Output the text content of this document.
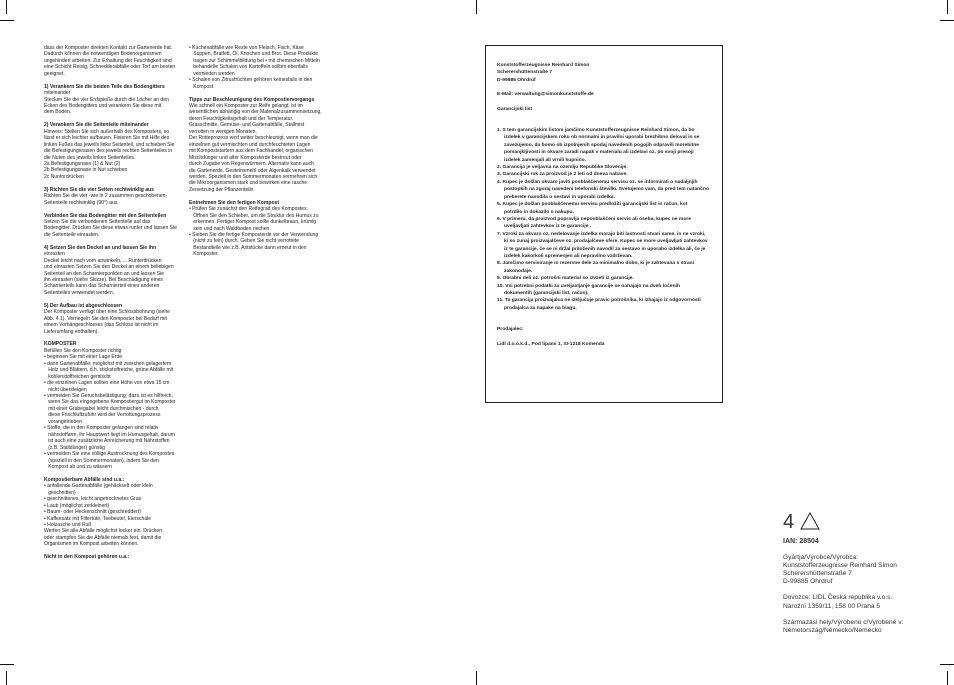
dass der Komposter direkten Kontakt zur Gartenerde hat.
Dadurch können die notwendigen Bodenorganismen
ungehindert arbeiten. Zur Erhaltung der Feuchtigkeit sind
eine Schicht Reisig, Schnedderabfälle oder Torf am besten
geeignet.
1) Verankern Sie die beiden Teile des Bodengitters
miteinander
Stecken Sie die vier Erdspieße durch die Löcher an den
Ecken des Bodengitters und verankern Sie diese mit
dem Boden.
2) Verankern Sie die Seitenteile miteinander
Hinweis: Stellen Sie sich außerhalb des Komposters, so
lässt er sich leichter aufbauen. Fixieren Sie mit Hilfe des
linken Fußes das jeweils linke Seitenteil, und schieben Sie
die Befestigungsnasen des jeweils rechten Seitenteiles in
die Nuten des jeweils linken Seitenteiles.
2a Befestigungsnase (1) & Nut (2)
2b Befestigungsnase in Nut schieben
2c Nuntordrücken
3) Richten Sie die vier Seiten rechtwinklig aus
Richten Sie die vier -wie in 2 zusammen geschobenen-
Seitenteile rechtwinklig (90°) aus.
Verbinden Sie das Bodengitter mit den Seitenteilen
Setzen Sie die verbundenen Seitenteile auf das
Bodengitter. Drücken Sie diese etwas runter und lassen Sie
die Seitenteile einrasten.
4) Setzen Sie den Deckel an und lassen Sie ihn
einrasten
Deckel leicht nach vorn anwinkeln, ... Runterdrücken
und einrasten Setzen Sie den Deckel an einem beliebigen
Seitenteil an den Scharnierpunkten an und lassen Sie
ihn einrasten (siehe Skizze). Bei Beschädigung eines
Scharnierteils kann das Scharnierteil eines anderen
Seitenteiles verwendet werden.
5) Der Aufbau ist abgeschlossen
Der Komposter verfügt über eine Schlossbohrung (siehe
Abb. 4.1). Verriegeln Sie den Komposter bei Bedarf mit
einem Vorhängeschlosses (das Schloss ist nicht im
Lieferumfang enthalten).
KOMPOSTER
Befüllen Sie den Komposter richtig
• beginnen Sie mit einer Lage Erde
• dann Gartenabfälle; möglichst mit zwischen gelagertem
Holz und Blättern, d.h. stickstoffreiche, grüne Abfälle mit
kohlenstoffreichen gemischt
• die einzelnen Lagen sollten eine Höhe von etwa 15 cm
nicht übersteigen
• vermeiden Sie Geruchsbelästigung; dazu ist es hilfreich,
wenn Sie das eingegebene Kompostiergut im Komposter
mit einer Grabegabel leicht durchmischen - durch
diese Frischluftzufuhr wird der Verrottungsprozess
vorangetrieben
• Stoffe, die in den Komposter gelangen sind relativ
nährstoffarm, ihr Hauptwert liegt im Humusgehalt, darum
ist auch eine zusätzliche Anreicherung mit Nährstoffen
(z.B. Stalldünger) günstig
• vermeiden Sie eine völlige Austrocknung des Kompostes
(speziell in den Sommermonaten), indem Sie den
Kompost ab und zu wässern
Kompostierbare Abfälle sind u.a.:
• anfallende Gartenabfälle (gehäckselt oder klein
geschnitten)
• geschnittenes, leicht angetrocknetes Gras
• Laub (möglichst zerkleinert)
• Baum- oder Heckenschnitt (geschreddert)
• Kaffeesatz mit Filtertüte, Teebeutel, Eierschale
• Holzasche und Ruß
Werfen Sie alle Abfälle möglichst locker ein. Drücken
oder stampfen Sie die Abfälle niemals fest, damit die
Organismen im Kompost arbeiten können.
Nicht in den Kompost gehören u.a.:
• Küchenabfälle wie Reste von Fleisch, Fisch, Käse
Suppen, Bratfett, Öl, Knochen und Brot. Diese Produkte
tragen zur Schimmelbildung bei • mit chemischen Mitteln
behandelte Schalen von Kartoffeln sollten ebenfalls
vermieden werden
• Schalen von Zitrusfrüchten gehören keinesfalls in den
Kompost
Tipps zur Beschleunigung des Kompostiervorgangs
Wie schnell ein Komposter zur Reife gelangt, ist im
wesentlichen abhängig von der Materialzusammensetzung,
deren Feuchtigkeitsgehalt und der Temperatur.
Grasschnitte, Gemüse- und Gartenabfälle, Stallmist
verrotten in wenigen Monaten.
Der Rotteprozess wird weiter beschleunigt, wenn man die
einzelnen gut vermischten und durchfeuchteten Lagen
mit Kompoststartern aus dem Fachhandel, organischen
Mischdünger und alter Komposterde bestreut oder
durch Zugabe von Regenwürmern. Alternativ kann auch
die Gartenerde, Gesteinsmehl oder Algenkalk verwendet
werden. Speziell in den Sommermonaten vermehren sich
die Mikroorganismen stark und bewirken eine rasche
Zersetzung der Pflanzenteile.
Entnehmen Sie den fertigen Kompost
• Prüfen Sie zunächst den Reifegrad des Kompostes.
Öffnen Sie den Schieber, um die Struktur des Humus zu
erkennen. Fertiger Kompost sollte dunkelbraun, krümig
sein und nach Waldboden riechen.
• Sieben Sie die fertige Komposterde vor der Verwendung
(nicht zu fein) durch. Geben Sie nicht verrottete
Bestandteile wie z.B. Aststücke dann erneut in den
Komposter.
Kunststofferzeugnisse Reinhard Simon
Scherershüttenstraße 7
D-99885 Ohrdruf
E-Mail: verwaltung@simonkunststoffe.de
Garancijski list
1. S tem garancijskim listom jamčimo Kunststofferzeugnisse Reinhard Simon, da bo
izdelek v garancijskem roku ob normalni in pravilni uporabi brezhibno deloval in se
zavezujemo, da bomo ob izpolnjenih spodaj navedenih pogojih odpravili morebitne
pomanjkljivosti in okvare zaradi napak v materialu ali izdelavi oz. po svoji presoji
izdelek zamenjali ali vrnili kupnino.
2. Garancija je veljavna na ozemlju Republike Slovenije.
3. Garancijski rok za proizvod je 2 leti od dneva nabave.
4. Kupec je dolžan okvaro javiti pooblaščenemu servisu oz. se informirati o nadaljnjih
postopkih na zgoraj navedeni telefonski številki. Svetujemo vam, da pred tem natančno
preberete navodila o sestavi in uporabi izdelka.
5. Kupec je dolžan pooblaščenemu servisu predložiti garancijski list in račun, kot
potrdilo in dokazilo o nakupu.
6. V primeru, da proizvod popravlja nepooblaščeni servis ali oseba, kupec ne more
uveljavljati zahtevkov iz te garancije .
7. Vzroki za okvaro oz. nedelovanje izdelka morajo biti lastnosti stvari same, in ne vzroki,
ki so zunaj proizvajalčeve oz. prodajalčeve sfere. Kupec ne more uveljavljati zahtevkov
iz te garancije, če se ni držal priloženih navodil za sestavo in uporabo izdelka ali, če je
izdelek kakorkoli spremenjen ali nepravilno vzdrževan.
8. Jamčimo servisiranje in rezervne dele za minimalno dobo, ki je zahtevana s strani
zakonodaje.
9. Obrabni deli oz. potrošni material so izvzeti iz garancije.
10. Vsi potrebni podatki za uveljavljanje garancije se nahajajo na dveh ločenih
dokumentih (garancijski list, račun).
11. Ta garancija proizvajalca ne izključuje pravic potrošnika, ki izhajajo iz odgovornosti
prodajalca za napake na blagu.
Prodajalec:
Lidl d.o.o.k.d., Pod lipami 1, SI-1218 Komenda
4
IAN: 28504
Gyártja/Výrobce/Výrobca:
Kunststofferzeugnisse Reinhard Simon
Scherershüttenstraße 7
D-99885 Ohrdruf
Dovozce: LIDL Česká republika v.o.s.
Nárožní 1359/11, 158 00 Praha 5
Származási hely/Výrobeno c/Vyrobené v:
Németország/Německo/Nemecko
